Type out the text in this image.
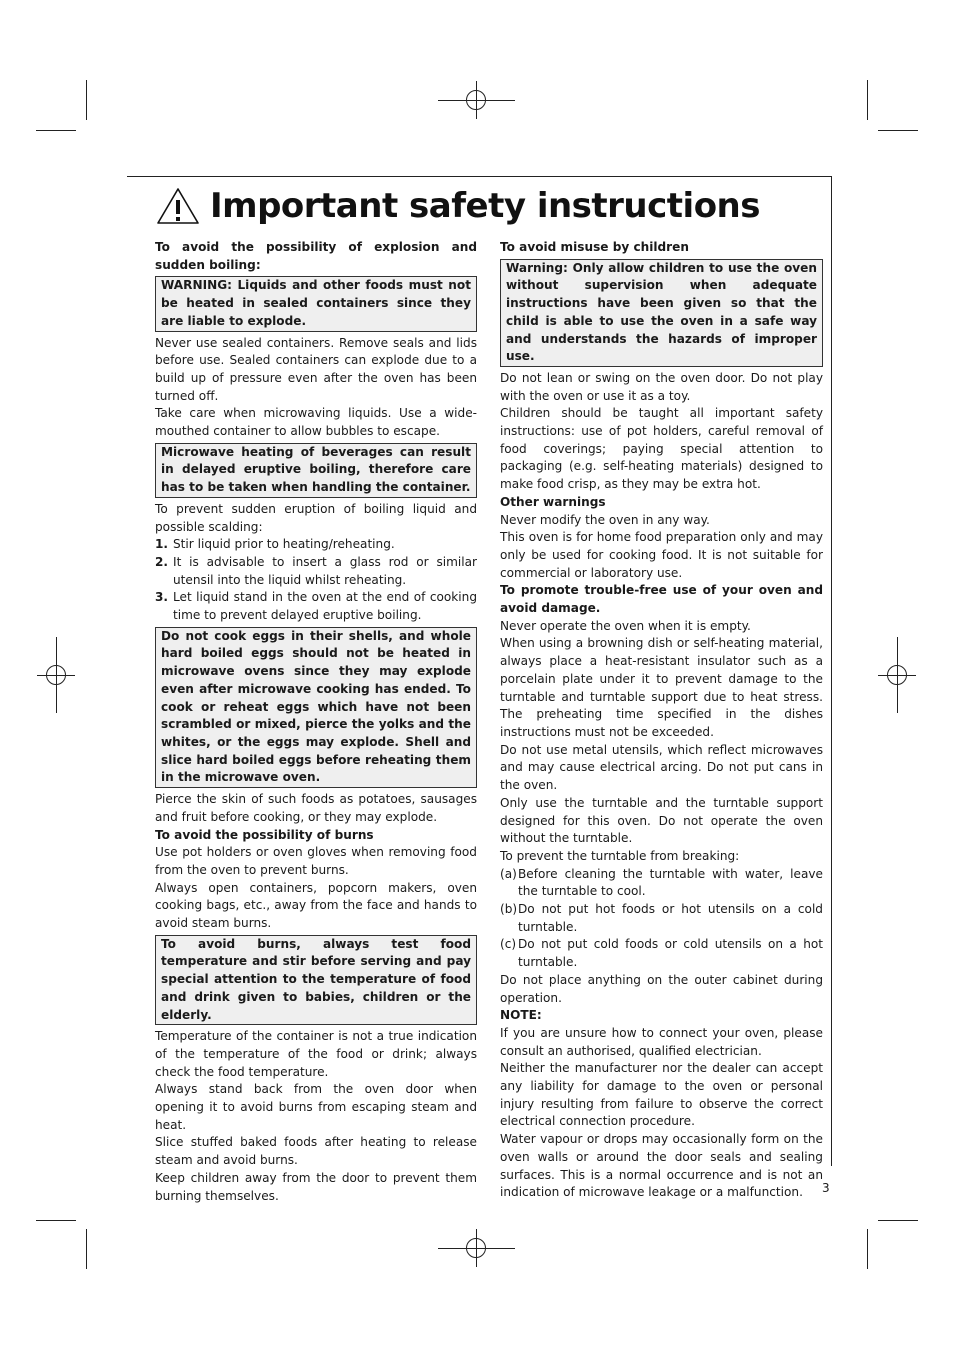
Important safety instructions

To avoid the possibility of explosion and sudden boiling:

WARNING: Liquids and other foods must not be heated in sealed containers since they are liable to explode.

Never use sealed containers. Remove seals and lids before use. Sealed containers can explode due to a build up of pressure even after the oven has been turned off.

Take care when microwaving liquids. Use a wide-mouthed container to allow bubbles to escape.

Microwave heating of beverages can result in delayed eruptive boiling, therefore care has to be taken when handling the container.

To prevent sudden eruption of boiling liquid and possible scalding:

1. Stir liquid prior to heating/reheating.
2. It is advisable to insert a glass rod or similar utensil into the liquid whilst reheating.
3. Let liquid stand in the oven at the end of cooking time to prevent delayed eruptive boiling.
Do not cook eggs in their shells, and whole hard boiled eggs should not be heated in microwave ovens since they may explode even after microwave cooking has ended. To cook or reheat eggs which have not been scrambled or mixed, pierce the yolks and the whites, or the eggs may explode. Shell and slice hard boiled eggs before reheating them in the microwave oven.

Pierce the skin of such foods as potatoes, sausages and fruit before cooking, or they may explode.

To avoid the possibility of burns

Use pot holders or oven gloves when removing food from the oven to prevent burns.

Always open containers, popcorn makers, oven cooking bags, etc., away from the face and hands to avoid steam burns.

To avoid burns, always test food temperature and stir before serving and pay special attention to the temperature of food and drink given to babies, children or the elderly.

Temperature of the container is not a true indication of the temperature of the food or drink; always check the food temperature.

Always stand back from the oven door when opening it to avoid burns from escaping steam and heat.

Slice stuffed baked foods after heating to release steam and avoid burns.

Keep children away from the door to prevent them burning themselves.

To avoid misuse by children

Warning: Only allow children to use the oven without supervision when adequate instructions have been given so that the child is able to use the oven in a safe way and understands the hazards of improper use.

Do not lean or swing on the oven door. Do not play with the oven or use it as a toy.

Children should be taught all important safety instructions: use of pot holders, careful removal of food coverings; paying special attention to packaging (e.g. self-heating materials) designed to make food crisp, as they may be extra hot.

Other warnings

Never modify the oven in any way.

This oven is for home food preparation only and may only be used for cooking food. It is not suitable for commercial or laboratory use.

To promote trouble-free use of your oven and avoid damage.

Never operate the oven when it is empty.

When using a browning dish or self-heating material, always place a heat-resistant insulator such as a porcelain plate under it to prevent damage to the turntable and turntable support due to heat stress. The preheating time specified in the dishes instructions must not be exceeded.

Do not use metal utensils, which reflect microwaves and may cause electrical arcing. Do not put cans in the oven.

Only use the turntable and the turntable support designed for this oven. Do not operate the oven without the turntable.

To prevent the turntable from breaking:

(a) Before cleaning the turntable with water, leave the turntable to cool.
(b) Do not put hot foods or hot utensils on a cold turntable.
(c) Do not put cold foods or cold utensils on a hot turntable.

Do not place anything on the outer cabinet during operation.

NOTE:

If you are unsure how to connect your oven, please consult an authorised, qualified electrician.

Neither the manufacturer nor the dealer can accept any liability for damage to the oven or personal injury resulting from failure to observe the correct electrical connection procedure.

Water vapour or drops may occasionally form on the oven walls or around the door seals and sealing surfaces. This is a normal occurrence and is not an indication of microwave leakage or a malfunction.	3
